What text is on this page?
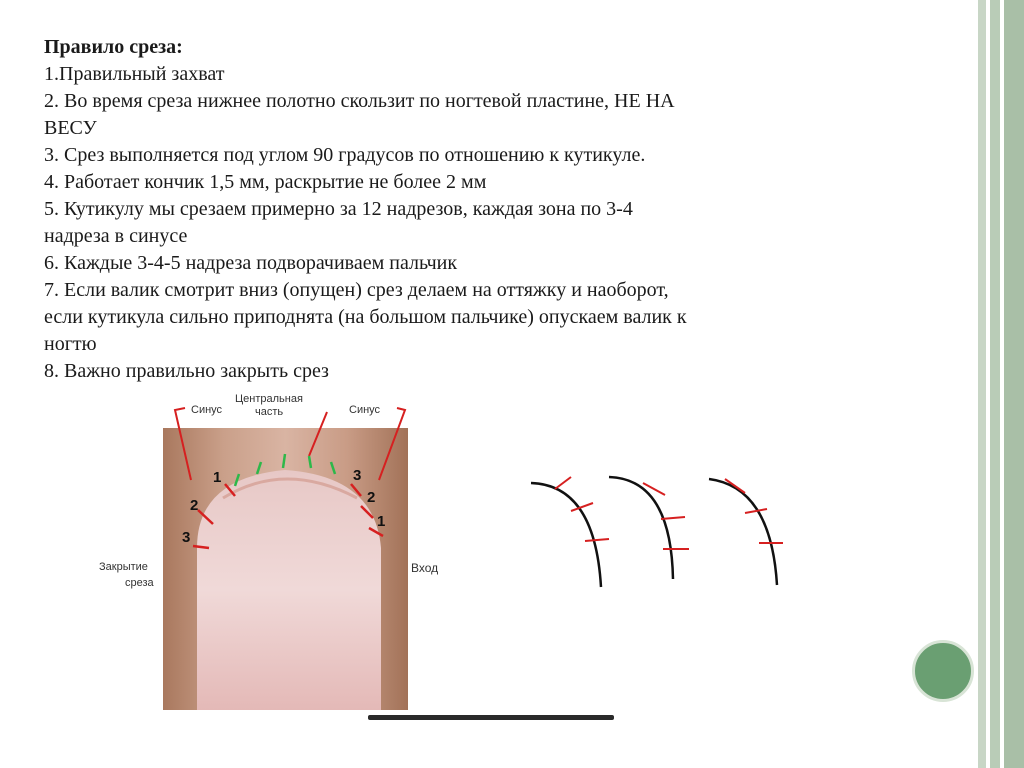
Правило среза:
1.Правильный захват
2. Во время среза нижнее полотно скользит по ногтевой пластине, НЕ НА
ВЕСУ
3. Срез выполняется под углом 90 градусов по отношению к кутикуле.
4. Работает кончик 1,5 мм, раскрытие не более 2 мм
5. Кутикулу мы срезаем примерно за 12 надрезов, каждая зона по 3-4
надреза в синусе
6. Каждые 3-4-5 надреза подворачиваем пальчик
7. Если валик смотрит вниз (опущен) срез делаем на оттяжку и наоборот,
если кутикула сильно приподнята (на большом пальчике) опускаем валик к
ногтю
8. Важно правильно закрыть срез
Синус
Центральная
часть	Синус
Закрытие
среза
Вход
1
2
3
3
2
1
